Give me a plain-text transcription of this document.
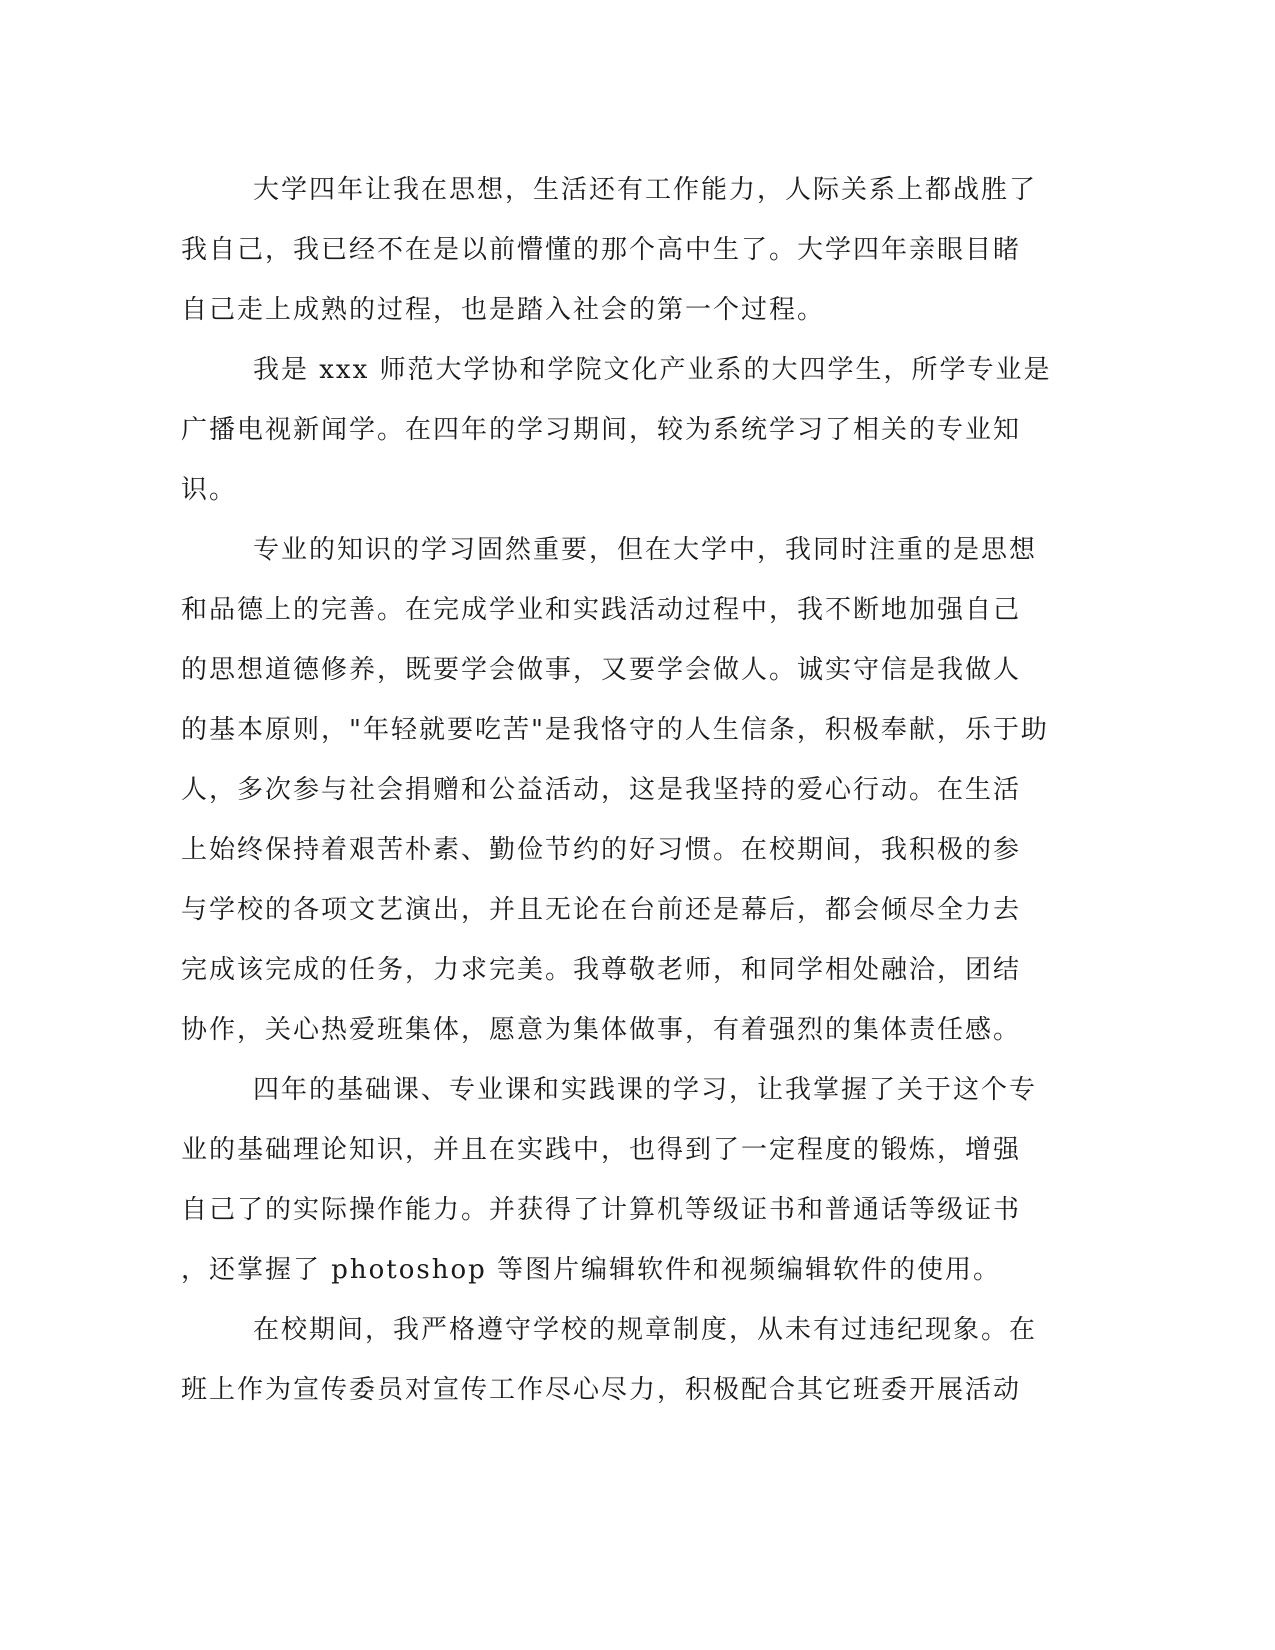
大学四年让我在思想，生活还有工作能力，人际关系上都战胜了
我自己，我已经不在是以前懵懂的那个高中生了。大学四年亲眼目睹
自己走上成熟的过程，也是踏入社会的第一个过程。
我是 xxx 师范大学协和学院文化产业系的大四学生，所学专业是
广播电视新闻学。在四年的学习期间，较为系统学习了相关的专业知
识。
专业的知识的学习固然重要，但在大学中，我同时注重的是思想
和品德上的完善。在完成学业和实践活动过程中，我不断地加强自己
的思想道德修养，既要学会做事，又要学会做人。诚实守信是我做人
的基本原则，"年轻就要吃苦"是我恪守的人生信条，积极奉献，乐于助
人，多次参与社会捐赠和公益活动，这是我坚持的爱心行动。在生活
上始终保持着艰苦朴素、勤俭节约的好习惯。在校期间，我积极的参
与学校的各项文艺演出，并且无论在台前还是幕后，都会倾尽全力去
完成该完成的任务，力求完美。我尊敬老师，和同学相处融洽，团结
协作，关心热爱班集体，愿意为集体做事，有着强烈的集体责任感。
四年的基础课、专业课和实践课的学习，让我掌握了关于这个专
业的基础理论知识，并且在实践中，也得到了一定程度的锻炼，增强
自己了的实际操作能力。并获得了计算机等级证书和普通话等级证书
，还掌握了 photoshop 等图片编辑软件和视频编辑软件的使用。
在校期间，我严格遵守学校的规章制度，从未有过违纪现象。在
班上作为宣传委员对宣传工作尽心尽力，积极配合其它班委开展活动
